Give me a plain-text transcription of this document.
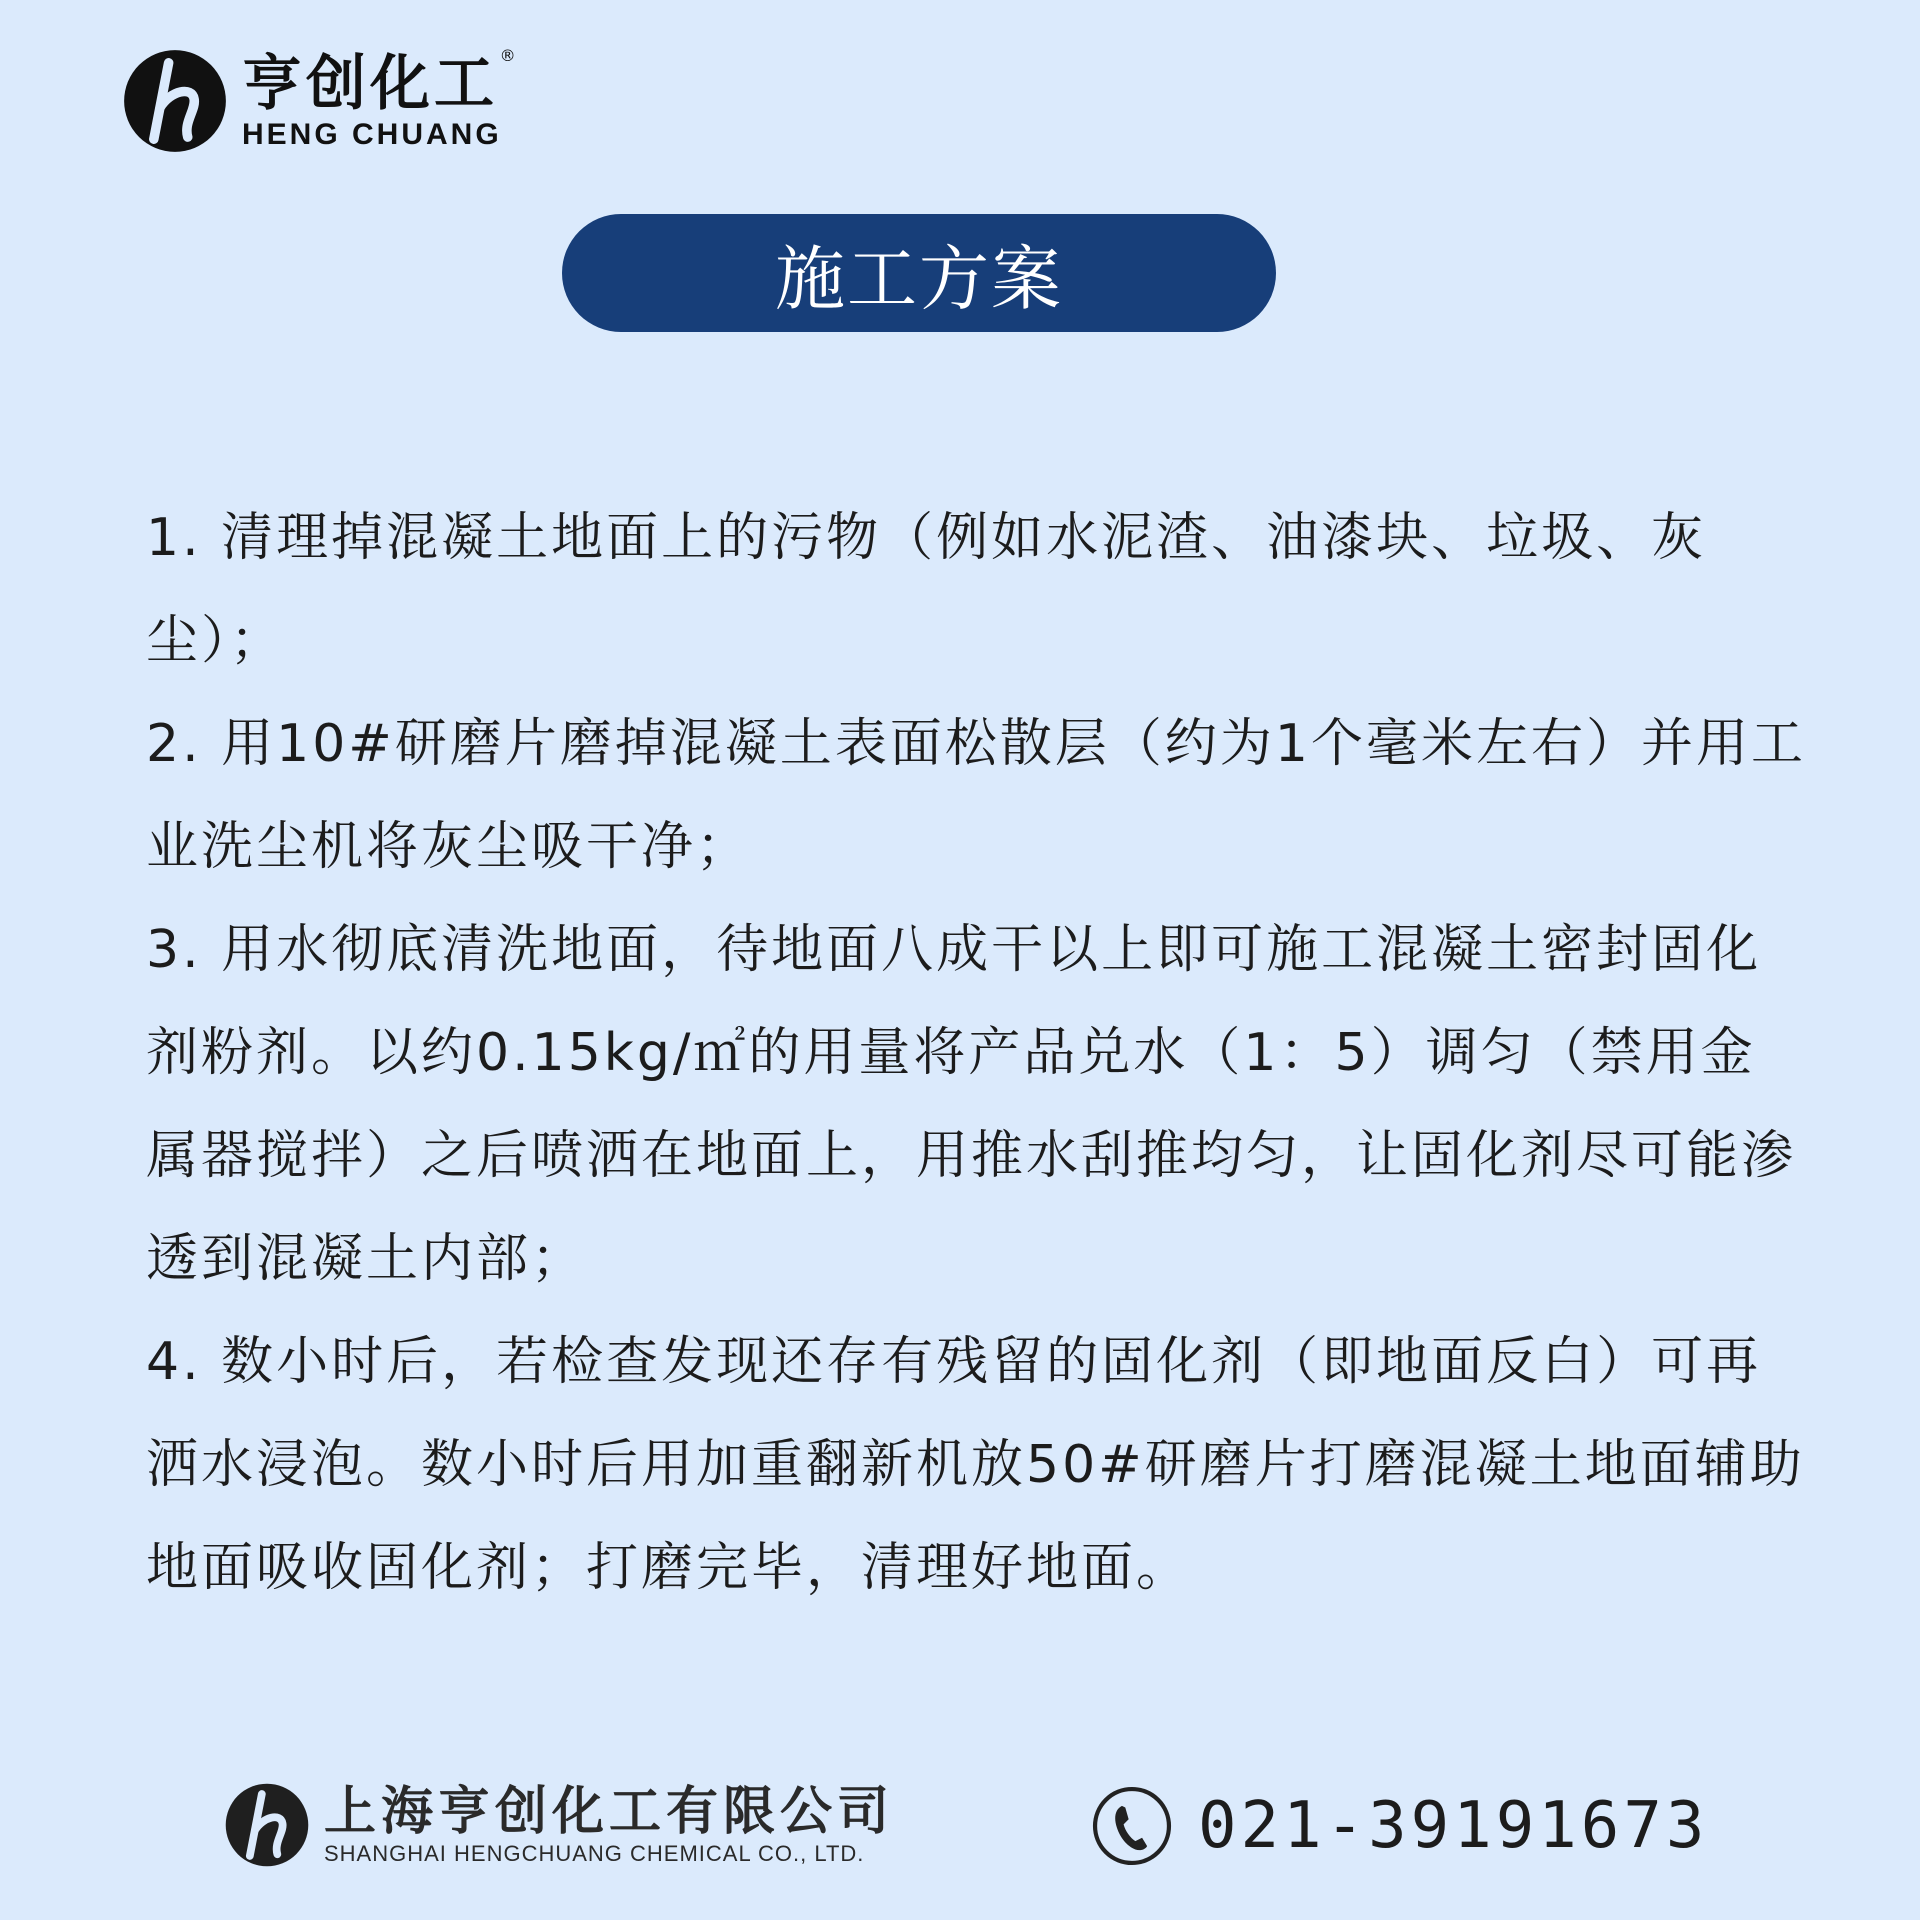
亨创化工
HENG CHUANG
®
施工方案

1. 清理掉混凝土地面上的污物（例如水泥渣、油漆块、垃圾、灰尘）；

2. 用10#研磨片磨掉混凝土表面松散层（约为1个毫米左右）并用工业洗尘机将灰尘吸干净；

3. 用水彻底清洗地面，待地面八成干以上即可施工混凝土密封固化剂粉剂。以约0.15kg/㎡的用量将产品兑水（1：5）调匀（禁用金属器搅拌）之后喷洒在地面上，用推水刮推均匀，让固化剂尽可能渗透到混凝土内部；

4. 数小时后，若检查发现还存有残留的固化剂（即地面反白）可再洒水浸泡。数小时后用加重翻新机放50#研磨片打磨混凝土地面辅助地面吸收固化剂；打磨完毕，清理好地面。

上海亨创化工有限公司
SHANGHAI HENGCHUANG CHEMICAL CO., LTD.	021-39191673
